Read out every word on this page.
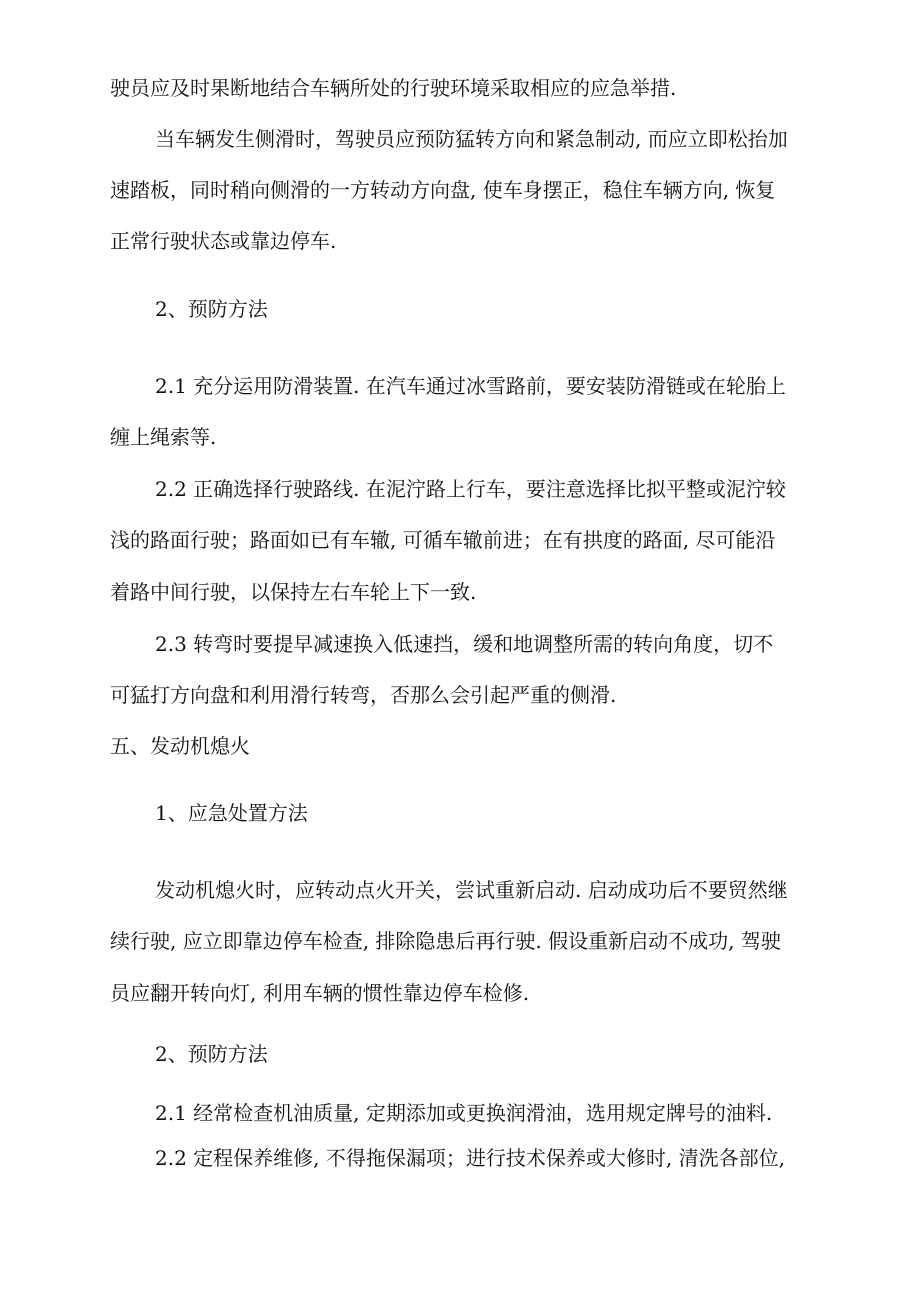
驶员应及时果断地结合车辆所处的行驶环境采取相应的应急举措.
当车辆发生侧滑时，驾驶员应预防猛转方向和紧急制动, 而应立即松抬加
速踏板，同时稍向侧滑的一方转动方向盘, 使车身摆正，稳住车辆方向, 恢复
正常行驶状态或靠边停车.
2、预防方法
2.1 充分运用防滑装置. 在汽车通过冰雪路前，要安装防滑链或在轮胎上
缠上绳索等.
2.2 正确选择行驶路线. 在泥泞路上行车，要注意选择比拟平整或泥泞较
浅的路面行驶；路面如已有车辙, 可循车辙前进；在有拱度的路面, 尽可能沿
着路中间行驶，以保持左右车轮上下一致.
2.3 转弯时要提早减速换入低速挡，缓和地调整所需的转向角度，切不
可猛打方向盘和利用滑行转弯，否那么会引起严重的侧滑.
五、发动机熄火
1、应急处置方法
发动机熄火时，应转动点火开关，尝试重新启动. 启动成功后不要贸然继
续行驶, 应立即靠边停车检查, 排除隐患后再行驶. 假设重新启动不成功, 驾驶
员应翻开转向灯, 利用车辆的惯性靠边停车检修.
2、预防方法
2.1 经常检查机油质量, 定期添加或更换润滑油，选用规定牌号的油料.
2.2 定程保养维修, 不得拖保漏项；进行技术保养或大修时, 清洗各部位,
